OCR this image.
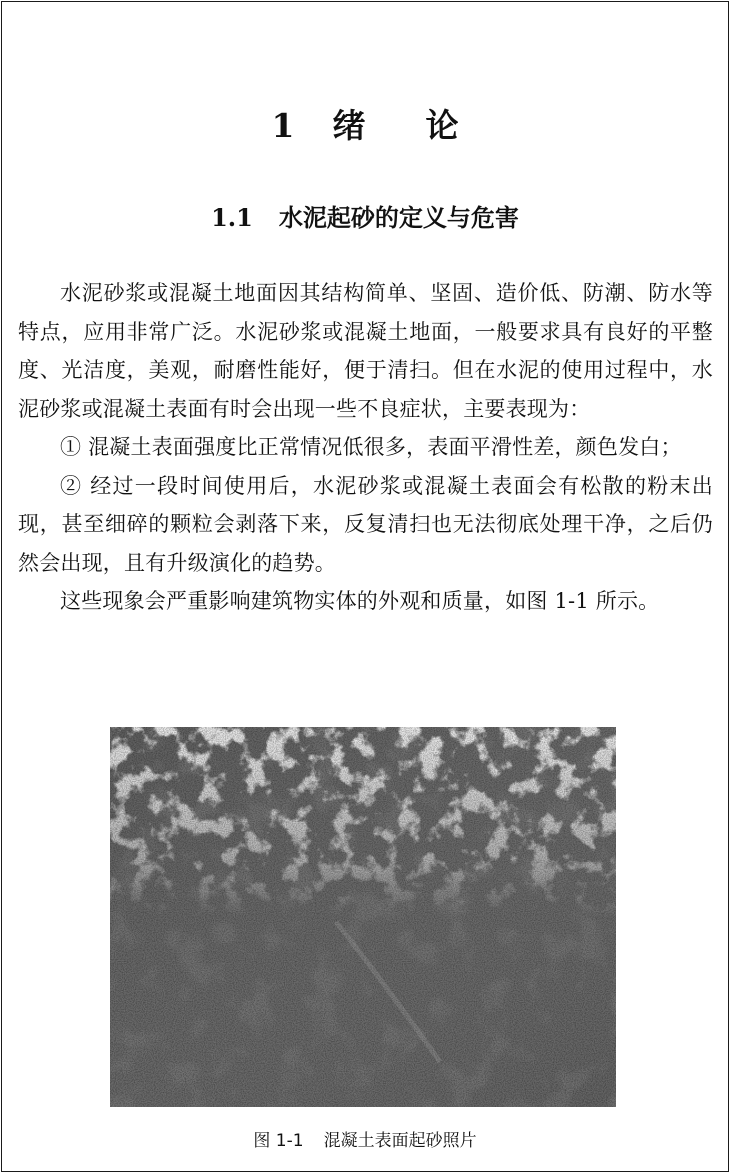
1 绪 论
1.1 水泥起砂的定义与危害

水泥砂浆或混凝土地面因其结构简单、坚固、造价低、防潮、防水等特点，应用非常广泛。水泥砂浆或混凝土地面，一般要求具有良好的平整度、光洁度，美观，耐磨性能好，便于清扫。但在水泥的使用过程中，水泥砂浆或混凝土表面有时会出现一些不良症状，主要表现为：

① 混凝土表面强度比正常情况低很多，表面平滑性差，颜色发白；

② 经过一段时间使用后，水泥砂浆或混凝土表面会有松散的粉末出现，甚至细碎的颗粒会剥落下来，反复清扫也无法彻底处理干净，之后仍然会出现，且有升级演化的趋势。

这些现象会严重影响建筑物实体的外观和质量，如图 1-1 所示。

图 1-1 混凝土表面起砂照片
